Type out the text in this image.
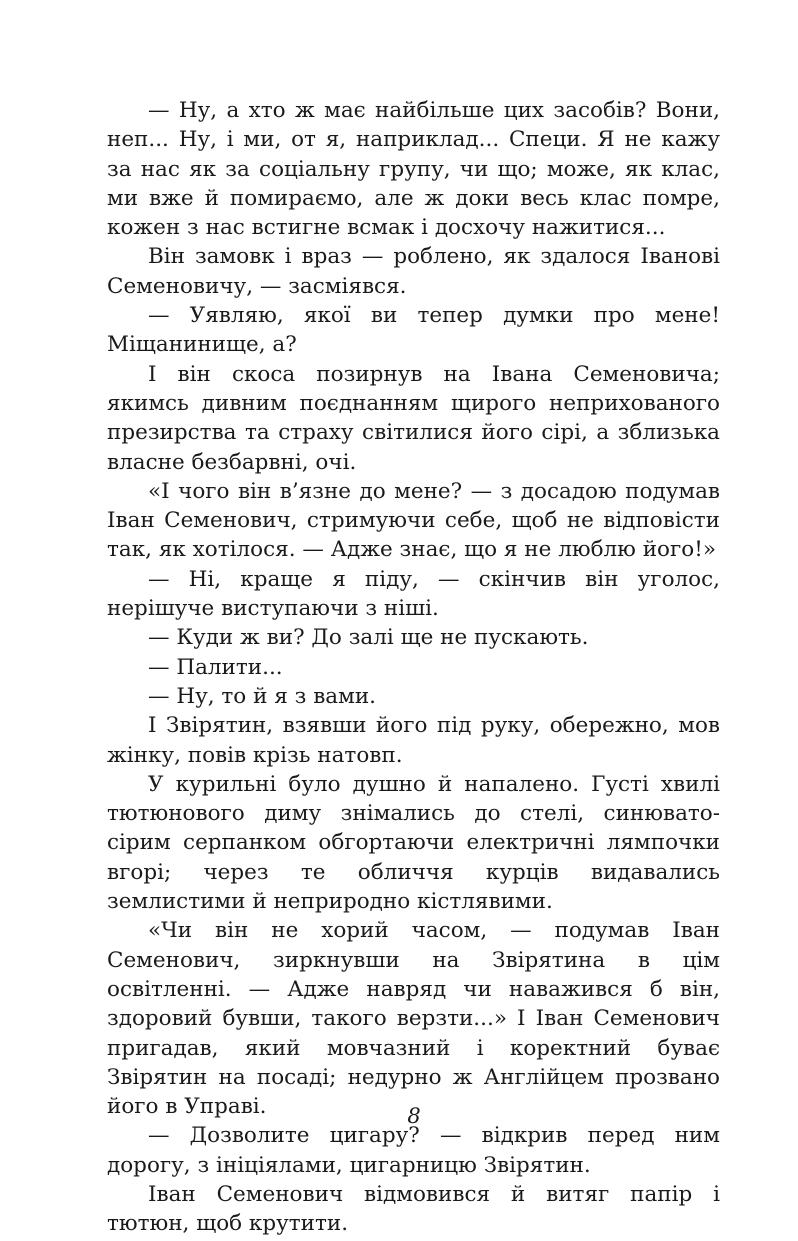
— Ну, а хто ж має найбільше цих засобів? Вони, неп... Ну, і ми, от я, наприклад... Специ. Я не кажу за нас як за соціальну групу, чи що; може, як клас, ми вже й помираємо, але ж доки весь клас помре, кожен з нас встигне всмак і досхочу нажитися...

Він замовк і враз — роблено, як здалося Іванові Семеновичу, — засміявся.

— Уявляю, якої ви тепер думки про мене! Міщанинище, а?

І він скоса позирнув на Івана Семеновича; якимсь дивним поєднанням щирого неприхованого презирства та страху світилися його сірі, а зблизька власне безбарвні, очі.

«І чого він в’язне до мене? — з досадою подумав Іван Семенович, стримуючи себе, щоб не відповісти так, як хотілося. — Адже знає, що я не люблю його!»

— Ні, краще я піду, — скінчив він уголос, нерішуче виступаючи з ніші.

— Куди ж ви? До залі ще не пускають.

— Палити...

— Ну, то й я з вами.

І Звірятин, взявши його під руку, обережно, мов жінку, повів крізь натовп.

У курильні було душно й напалено. Густі хвилі тютюнового диму знімались до стелі, синювато-сірим серпанком обгортаючи електричні лямпочки вгорі; через те обличчя курців видавались землистими й неприродно кістлявими.

«Чи він не хорий часом, — подумав Іван Семенович, зиркнувши на Звірятина в цім освітленні. — Адже навряд чи наважився б він, здоровий бувши, такого верзти...» І Іван Семенович пригадав, який мовчазний і коректний буває Звірятин на посаді; недурно ж Англійцем прозвано його в Управі.

— Дозволите цигару? — відкрив перед ним дорогу, з ініціялами, цигарницю Звірятин.

Іван Семенович відмовився й витяг папір і тютюн, щоб крутити.

8
